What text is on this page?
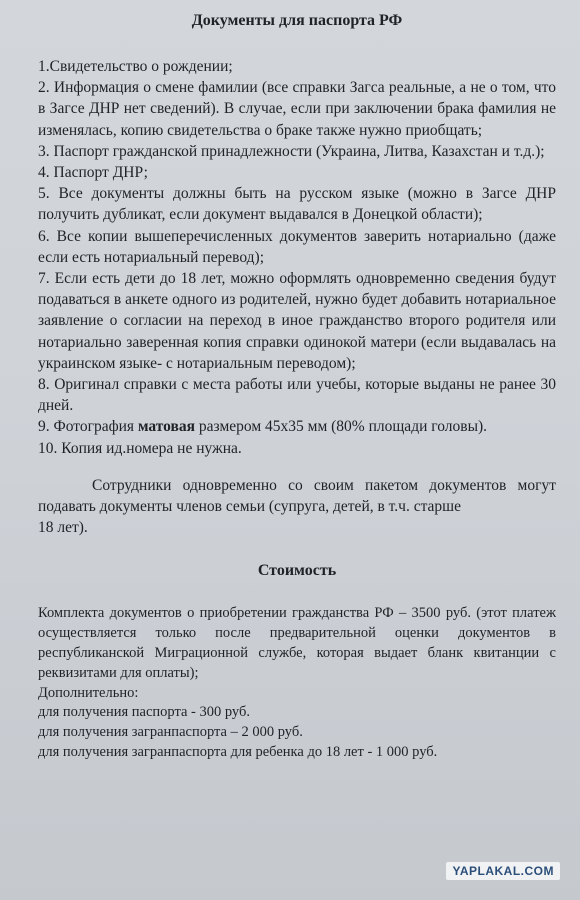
Документы для паспорта РФ
1.Свидетельство о рождении;
2. Информация о смене фамилии (все справки Загса реальные, а не о том, что в Загсе ДНР нет сведений). В случае, если при заключении брака фамилия не изменялась, копию свидетельства о браке также нужно приобщать;
3. Паспорт гражданской принадлежности (Украина, Литва, Казахстан и т.д.);
4. Паспорт ДНР;
5. Все документы должны быть на русском языке (можно в Загсе ДНР получить дубликат, если документ выдавался в Донецкой области);
6. Все копии вышеперечисленных документов заверить нотариально (даже если есть нотариальный перевод);
7. Если есть дети до 18 лет, можно оформлять одновременно сведения будут подаваться в анкете одного из родителей, нужно будет добавить нотариальное заявление о согласии на переход в иное гражданство второго родителя или нотариально заверенная копия справки одинокой матери (если выдавалась на украинском языке- с нотариальным переводом);
8. Оригинал справки с места работы или учебы, которые выданы не ранее 30 дней.
9. Фотография матовая размером 45х35 мм (80% площади головы).
10. Копия ид.номера не нужна.

Сотрудники одновременно со своим пакетом документов могут подавать документы членов семьи (супруга, детей, в т.ч. старше

18 лет).

Стоимость

Комплекта документов о приобретении гражданства РФ – 3500 руб. (этот платеж осуществляется только после предварительной оценки документов в республиканской Миграционной службе, которая выдает бланк квитанции с реквизитами для оплаты);

Дополнительно:

для получения паспорта - 300 руб.

для получения загранпаспорта – 2 000 руб.

для получения загранпаспорта для ребенка до 18 лет - 1 000 руб.

YAPLAKAL.COM
